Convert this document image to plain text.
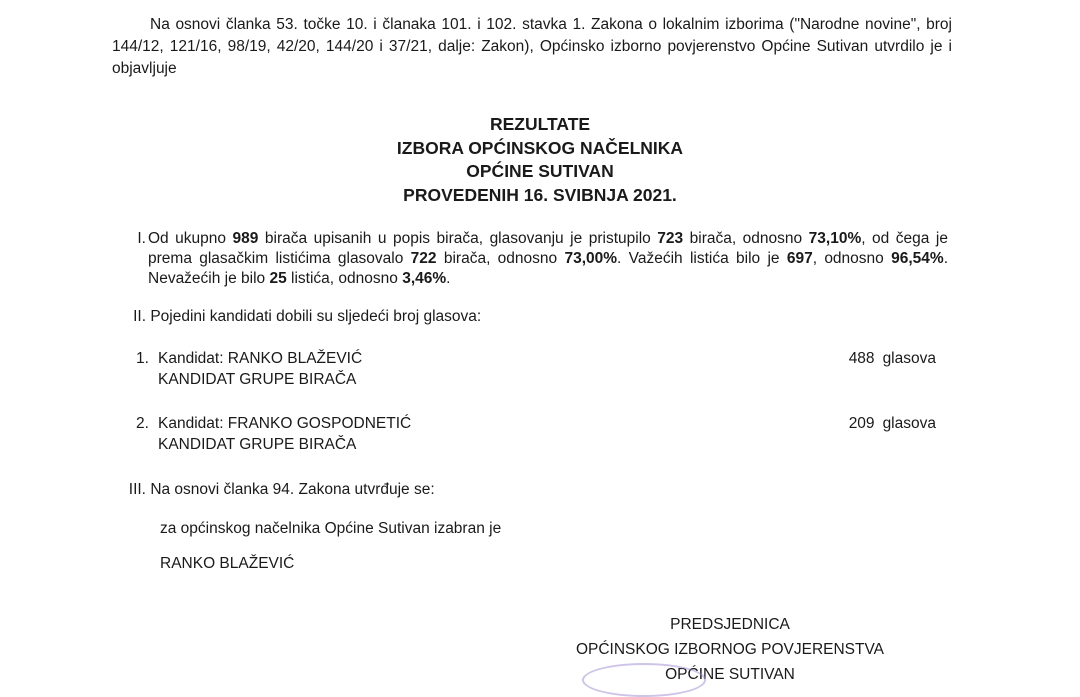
Na osnovi članka 53. točke 10. i članaka 101. i 102. stavka 1. Zakona o lokalnim izborima ("Narodne novine", broj 144/12, 121/16, 98/19, 42/20, 144/20 i 37/21, dalje: Zakon), Općinsko izborno povjerenstvo Općine Sutivan utvrdilo je i objavljuje
REZULTATE
IZBORA OPĆINSKOG NAČELNIKA
OPĆINE SUTIVAN
PROVEDENIH 16. SVIBNJA 2021.
I. Od ukupno 989 birača upisanih u popis birača, glasovanju je pristupilo 723 birača, odnosno 73,10%, od čega je prema glasačkim listićima glasovalo 722 birača, odnosno 73,00%. Važećih listića bilo je 697, odnosno 96,54%. Nevažećih je bilo 25 listića, odnosno 3,46%.
II. Pojedini kandidati dobili su sljedeći broj glasova:
1. Kandidat: RANKO BLAŽEVIĆ
KANDIDAT GRUPE BIRAČA
488 glasova
2. Kandidat: FRANKO GOSPODNETIĆ
KANDIDAT GRUPE BIRAČA
209 glasova
III. Na osnovi članka 94. Zakona utvrđuje se:
za općinskog načelnika Općine Sutivan izabran je
RANKO BLAŽEVIĆ
PREDSJEDNICA
OPĆINSKOG IZBORNOG POVJERENSTVA
OPĆINE SUTIVAN
